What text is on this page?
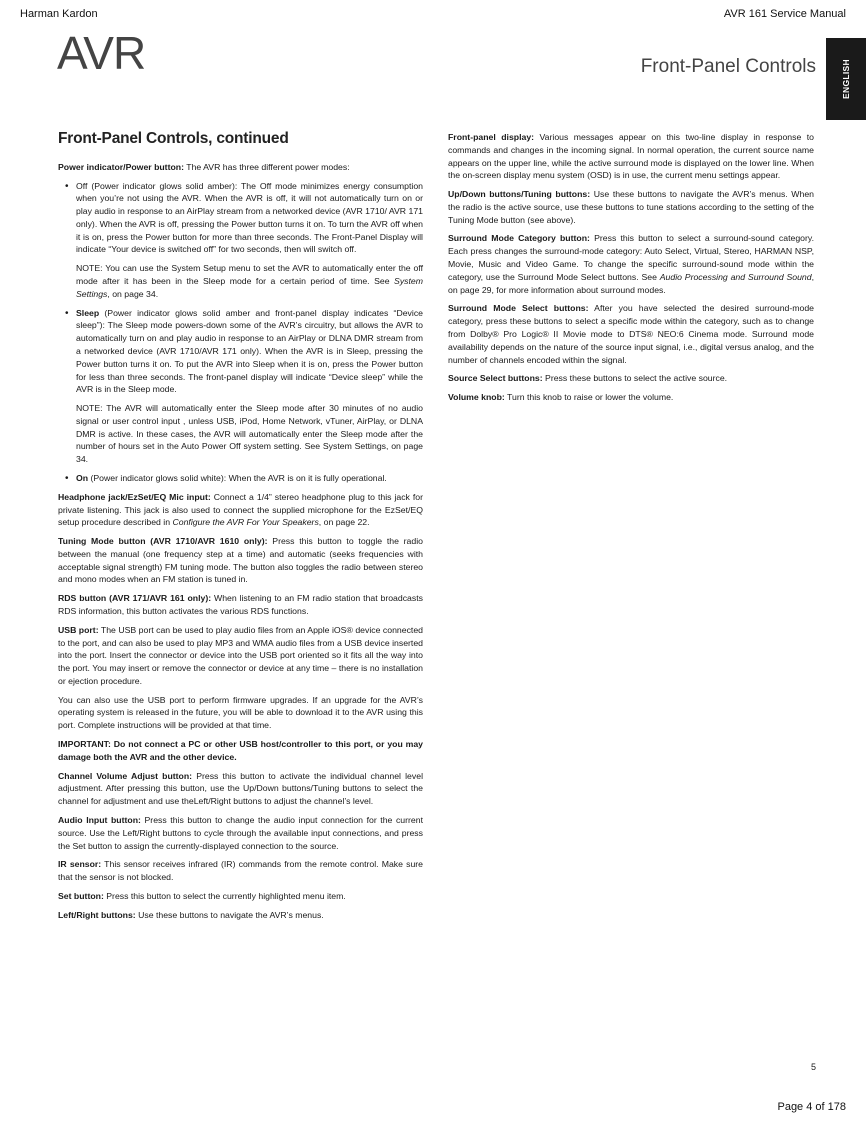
Harman Kardon	AVR 161 Service Manual
AVR	Front-Panel Controls	ENGLISH
Front-Panel Controls, continued

Power indicator/Power button: The AVR has three different power modes:

• Off (Power indicator glows solid amber): The Off mode minimizes energy consumption when you’re not using the AVR. When the AVR is off, it will not automatically turn on or play audio in response to an AirPlay stream from a networked device (AVR 1710/ AVR 171 only). When the AVR is off, pressing the Power button turns it on. To turn the AVR off when it is on, press the Power button for more than three seconds. The Front-Panel Display will indicate “Your device is switched off” for two seconds, then will switch off.
NOTE: You can use the System Setup menu to set the AVR to automatically enter the off mode after it has been in the Sleep mode for a certain period of time. See System Settings, on page 34.
• Sleep (Power indicator glows solid amber and front-panel display indicates “Device sleep”): The Sleep mode powers-down some of the AVR’s circuitry, but allows the AVR to automatically turn on and play audio in response to an AirPlay or DLNA DMR stream from a networked device (AVR 1710/AVR 171 only). When the AVR is in Sleep, pressing the Power button turns it on. To put the AVR into Sleep when it is on, press the Power button for less than three seconds. The front-panel display will indicate “Device sleep” while the AVR is in the Sleep mode.
NOTE: The AVR will automatically enter the Sleep mode after 30 minutes of no audio signal or user control input , unless USB, iPod, Home Network, vTuner, AirPlay, or DLNA DMR is active. In these cases, the AVR will automatically enter the Sleep mode after the number of hours set in the Auto Power Off system setting. See System Settings, on page 34.
• On (Power indicator glows solid white): When the AVR is on it is fully operational.

Headphone jack/EzSet/EQ Mic input: Connect a 1/4” stereo headphone plug to this jack for private listening. This jack is also used to connect the supplied microphone for the EzSet/EQ setup procedure described in Configure the AVR For Your Speakers, on page 22.

Tuning Mode button (AVR 1710/AVR 1610 only): Press this button to toggle the radio between the manual (one frequency step at a time) and automatic (seeks frequencies with acceptable signal strength) FM tuning mode. The button also toggles the radio between stereo and mono modes when an FM station is tuned in.

RDS button (AVR 171/AVR 161 only): When listening to an FM radio station that broadcasts RDS information, this button activates the various RDS functions.

USB port: The USB port can be used to play audio files from an Apple iOS® device connected to the port, and can also be used to play MP3 and WMA audio files from a USB device inserted into the port. Insert the connector or device into the USB port oriented so it fits all the way into the port. You may insert or remove the connector or device at any time – there is no installation or ejection procedure.

You can also use the USB port to perform firmware upgrades. If an upgrade for the AVR’s operating system is released in the future, you will be able to download it to the AVR using this port. Complete instructions will be provided at that time.

IMPORTANT: Do not connect a PC or other USB host/controller to this port, or you may damage both the AVR and the other device.

Channel Volume Adjust button: Press this button to activate the individual channel level adjustment. After pressing this button, use the Up/Down buttons/Tuning buttons to select the channel for adjustment and use theLeft/Right buttons to adjust the channel’s level.

Audio Input button: Press this button to change the audio input connection for the current source. Use the Left/Right buttons to cycle through the available input connections, and press the Set button to assign the currently-displayed connection to the source.

IR sensor: This sensor receives infrared (IR) commands from the remote control. Make sure that the sensor is not blocked.

Set button: Press this button to select the currently highlighted menu item.

Left/Right buttons: Use these buttons to navigate the AVR’s menus.

Front-panel display: Various messages appear on this two-line display in response to commands and changes in the incoming signal. In normal operation, the current source name appears on the upper line, while the active surround mode is displayed on the lower line. When the on-screen display menu system (OSD) is in use, the current menu settings appear.

Up/Down buttons/Tuning buttons: Use these buttons to navigate the AVR’s menus. When the radio is the active source, use these buttons to tune stations according to the setting of the Tuning Mode button (see above).

Surround Mode Category button: Press this button to select a surround-sound category. Each press changes the surround-mode category: Auto Select, Virtual, Stereo, HARMAN NSP, Movie, Music and Video Game. To change the specific surround-sound mode within the category, use the Surround Mode Select buttons. See Audio Processing and Surround Sound, on page 29, for more information about surround modes.

Surround Mode Select buttons: After you have selected the desired surround-mode category, press these buttons to select a specific mode within the category, such as to change from Dolby® Pro Logic® II Movie mode to DTS® NEO:6 Cinema mode. Surround mode availability depends on the nature of the source input signal, i.e., digital versus analog, and the number of channels encoded within the signal.

Source Select buttons: Press these buttons to select the active source.

Volume knob: Turn this knob to raise or lower the volume.

5
Page 4 of 178
